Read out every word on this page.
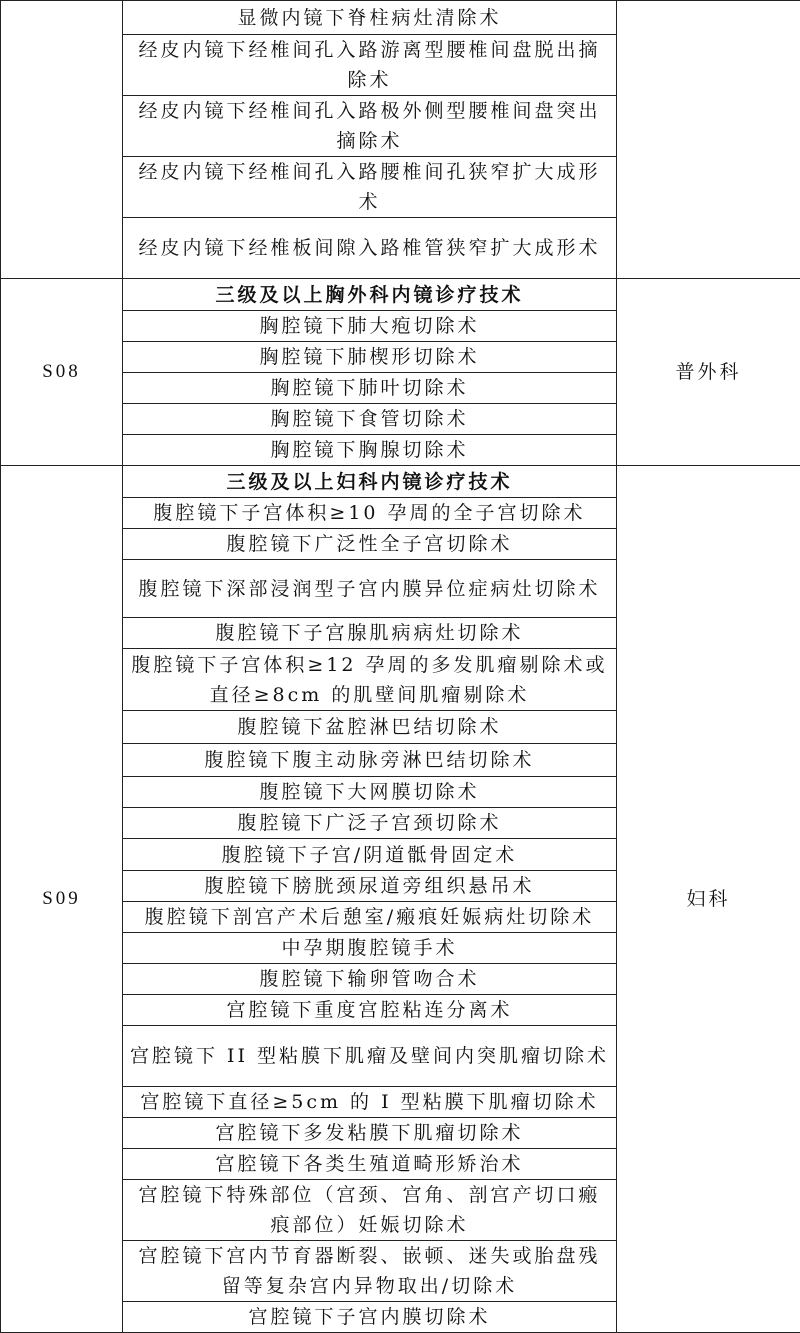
	显微内镜下脊柱病灶清除术	
	经皮内镜下经椎间孔入路游离型腰椎间盘脱出摘除术	
	经皮内镜下经椎间孔入路极外侧型腰椎间盘突出摘除术	
	经皮内镜下经椎间孔入路腰椎间孔狭窄扩大成形术	
	经皮内镜下经椎板间隙入路椎管狭窄扩大成形术	
S08	三级及以上胸外科内镜诊疗技术	普外科
	胸腔镜下肺大疱切除术	
	胸腔镜下肺楔形切除术	
	胸腔镜下肺叶切除术	
	胸腔镜下食管切除术	
	胸腔镜下胸腺切除术	
S09	三级及以上妇科内镜诊疗技术	妇科
	腹腔镜下子宫体积≥10 孕周的全子宫切除术	
	腹腔镜下广泛性全子宫切除术	
	腹腔镜下深部浸润型子宫内膜异位症病灶切除术	
	腹腔镜下子宫腺肌病病灶切除术	
	腹腔镜下子宫体积≥12 孕周的多发肌瘤剔除术或直径≥8cm 的肌壁间肌瘤剔除术	
	腹腔镜下盆腔淋巴结切除术	
	腹腔镜下腹主动脉旁淋巴结切除术	
	腹腔镜下大网膜切除术	
	腹腔镜下广泛子宫颈切除术	
	腹腔镜下子宫/阴道骶骨固定术	
	腹腔镜下膀胱颈尿道旁组织悬吊术	
	腹腔镜下剖宫产术后憩室/瘢痕妊娠病灶切除术	
	中孕期腹腔镜手术	
	腹腔镜下输卵管吻合术	
	宫腔镜下重度宫腔粘连分离术	
	宫腔镜下 II 型粘膜下肌瘤及壁间内突肌瘤切除术	
	宫腔镜下直径≥5cm 的 I 型粘膜下肌瘤切除术	
	宫腔镜下多发粘膜下肌瘤切除术	
	宫腔镜下各类生殖道畸形矫治术	
	宫腔镜下特殊部位（宫颈、宫角、剖宫产切口瘢痕部位）妊娠切除术	
	宫腔镜下宫内节育器断裂、嵌顿、迷失或胎盘残留等复杂宫内异物取出/切除术	
	宫腔镜下子宫内膜切除术	
